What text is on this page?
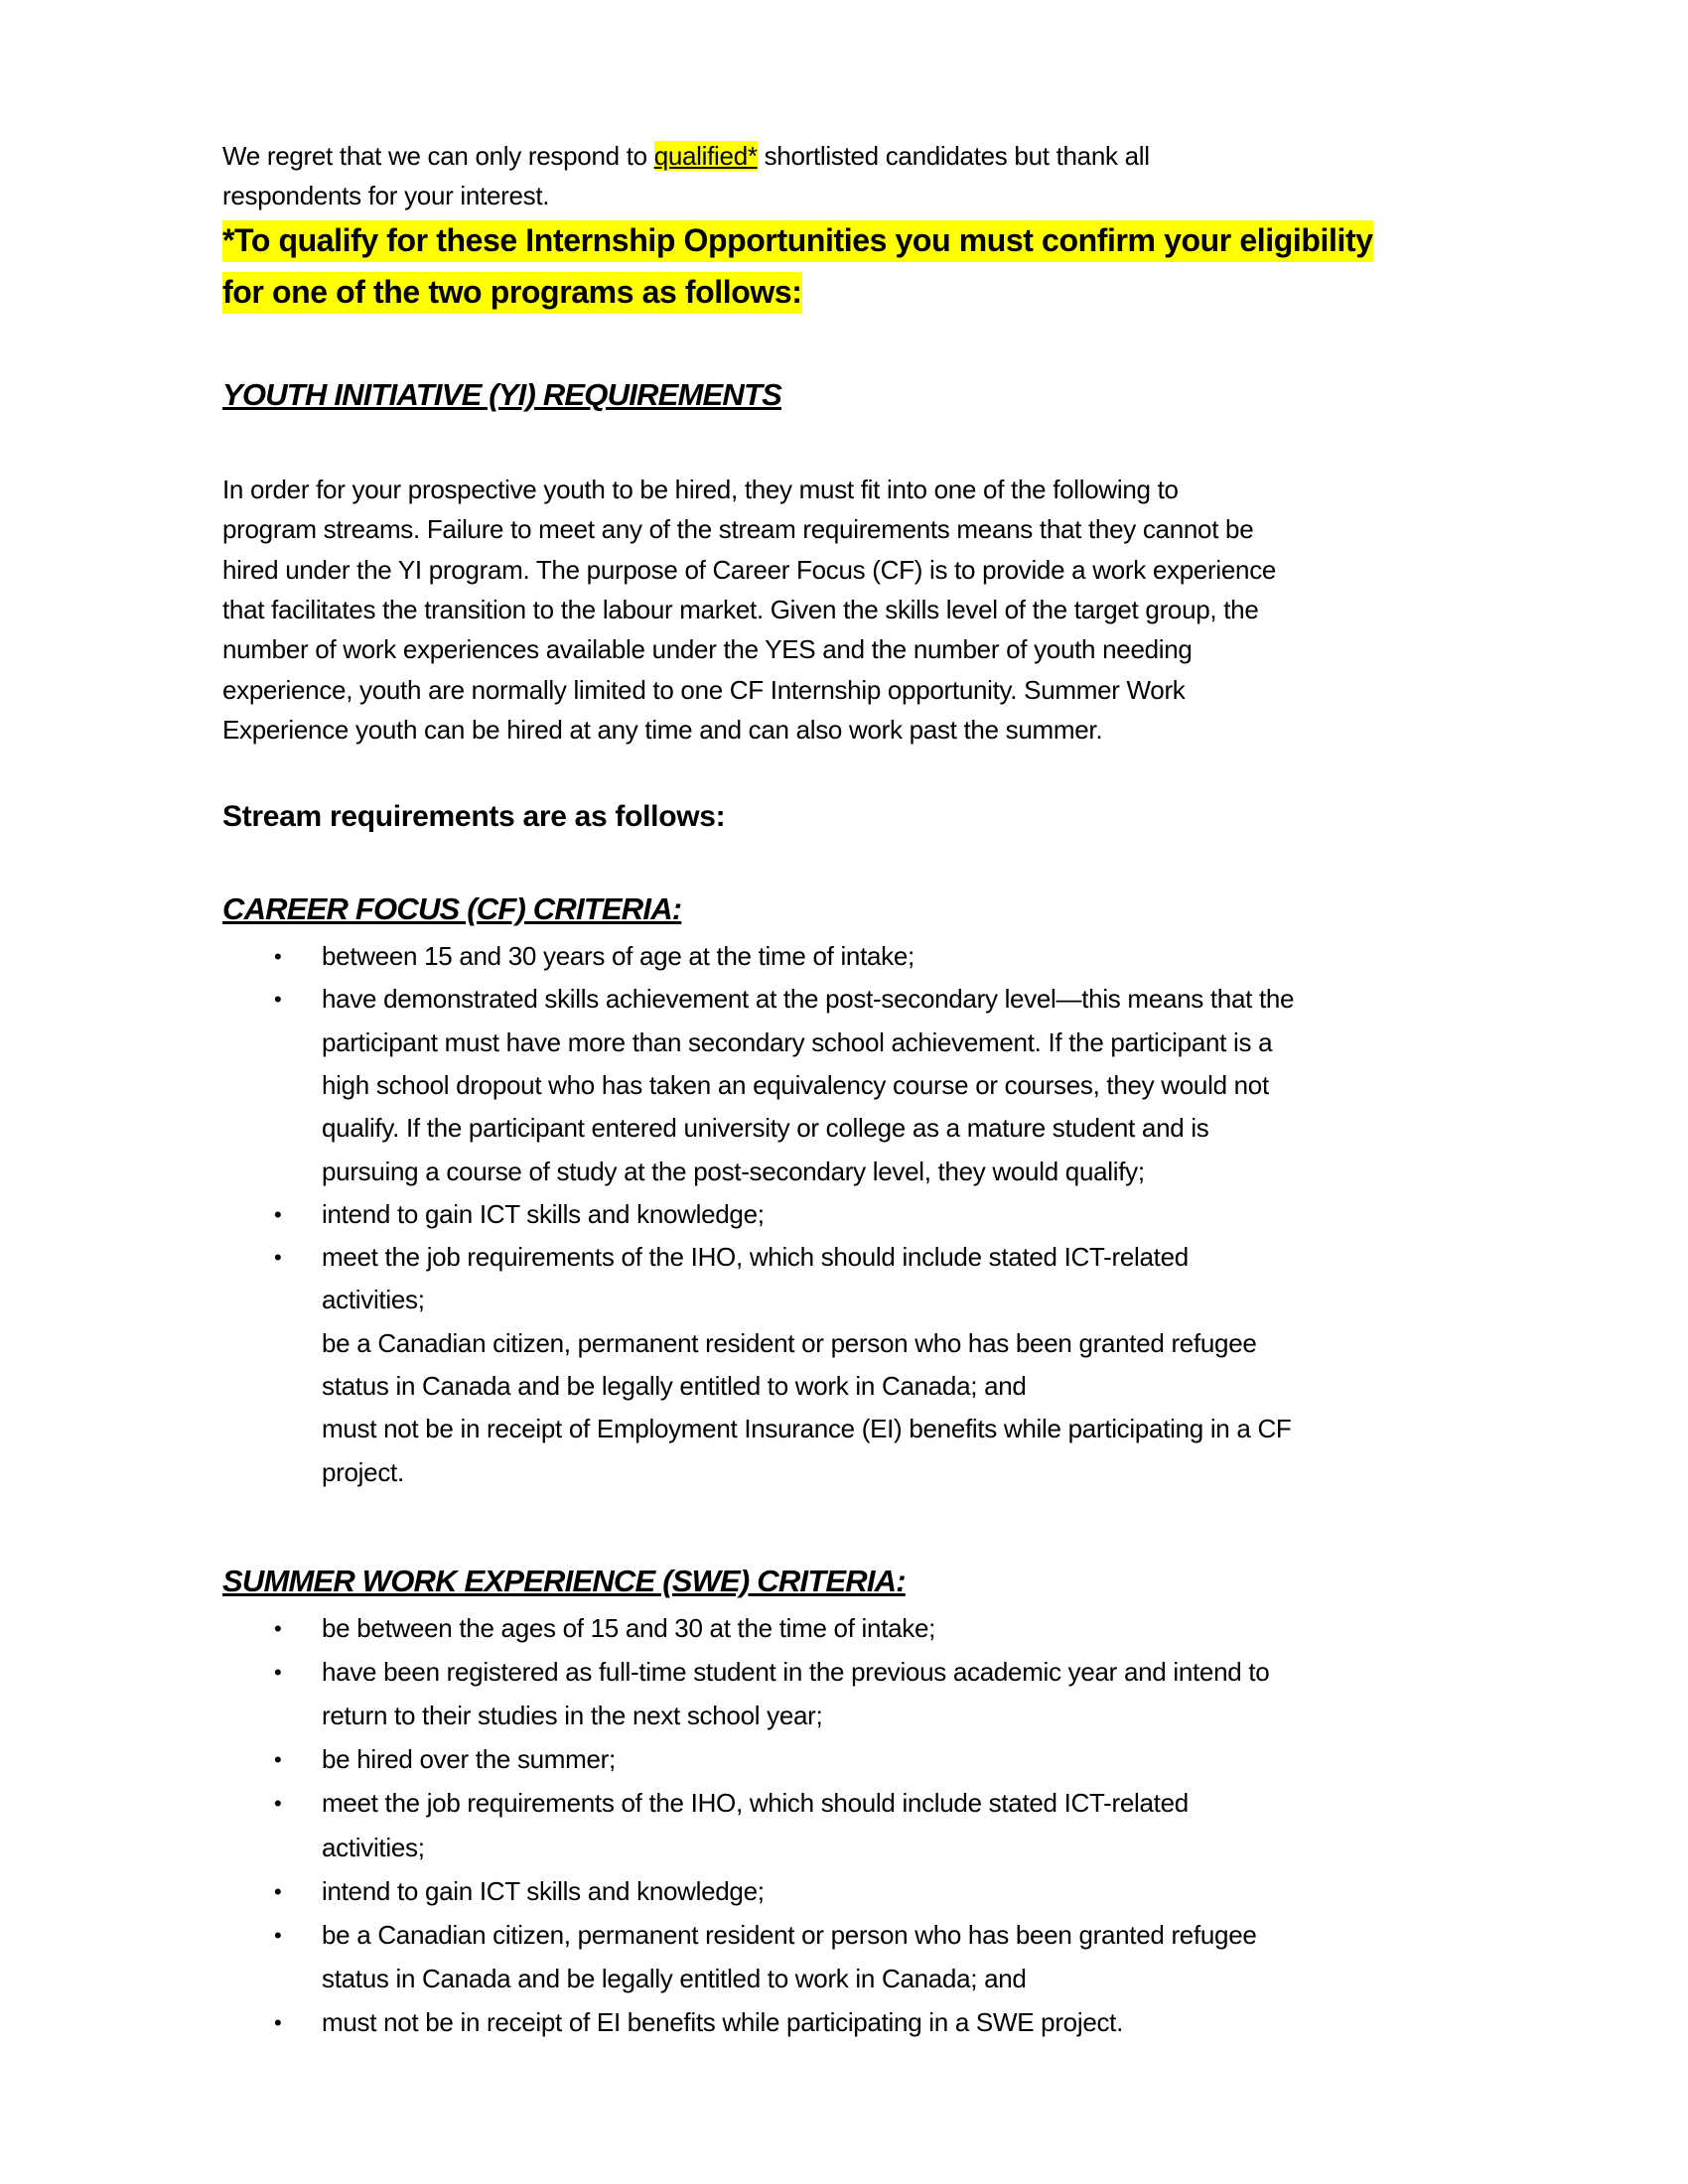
We regret that we can only respond to qualified* shortlisted candidates but thank all
respondents for your interest.
*To qualify for these Internship Opportunities you must confirm your eligibility
for one of the two programs as follows:
YOUTH INITIATIVE (YI) REQUIREMENTS
In order for your prospective youth to be hired, they must fit into one of the following to
program streams. Failure to meet any of the stream requirements means that they cannot be
hired under the YI program. The purpose of Career Focus (CF) is to provide a work experience
that facilitates the transition to the labour market. Given the skills level of the target group, the
number of work experiences available under the YES and the number of youth needing
experience, youth are normally limited to one CF Internship opportunity. Summer Work
Experience youth can be hired at any time and can also work past the summer.
Stream requirements are as follows:
CAREER FOCUS (CF) CRITERIA:
• between 15 and 30 years of age at the time of intake;
• have demonstrated skills achievement at the post-secondary level—this means that the
participant must have more than secondary school achievement. If the participant is a
high school dropout who has taken an equivalency course or courses, they would not
qualify. If the participant entered university or college as a mature student and is
pursuing a course of study at the post-secondary level, they would qualify;
• intend to gain ICT skills and knowledge;
• meet the job requirements of the IHO, which should include stated ICT-related
activities;
be a Canadian citizen, permanent resident or person who has been granted refugee
status in Canada and be legally entitled to work in Canada; and
must not be in receipt of Employment Insurance (EI) benefits while participating in a CF
project.
SUMMER WORK EXPERIENCE (SWE) CRITERIA:
• be between the ages of 15 and 30 at the time of intake;
• have been registered as full-time student in the previous academic year and intend to
return to their studies in the next school year;
• be hired over the summer;
• meet the job requirements of the IHO, which should include stated ICT-related
activities;
• intend to gain ICT skills and knowledge;
• be a Canadian citizen, permanent resident or person who has been granted refugee
status in Canada and be legally entitled to work in Canada; and
• must not be in receipt of EI benefits while participating in a SWE project.
